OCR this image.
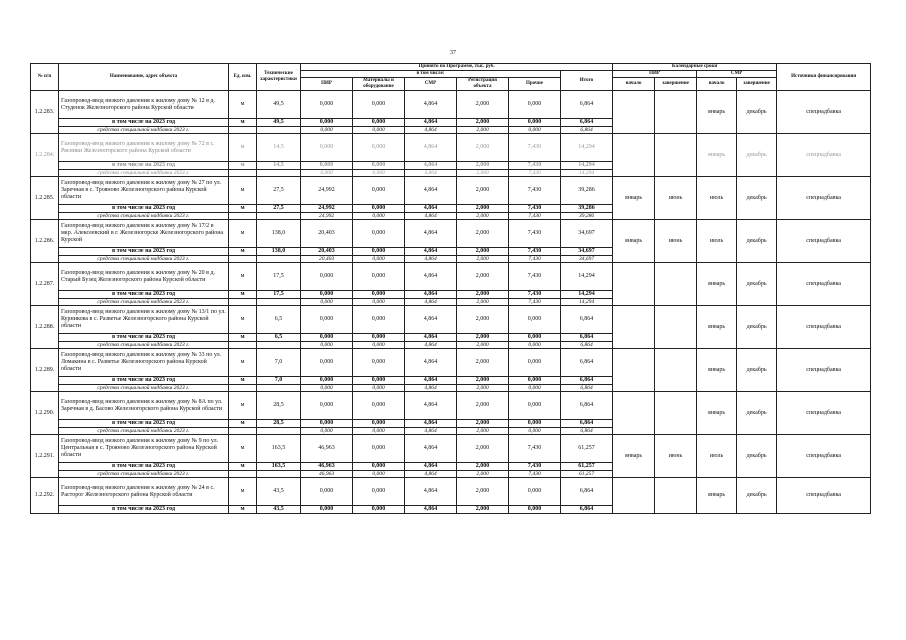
37
№ п/п	Наименование, адрес объекта	Ед. изм.	Технические характеристики	Принято по Программе, тыс. руб.						Календарные сроки				Источники финансирования
				в том числе:					Итого	ПИР		СМР		
				ПИР	Материалы и оборудование	СМР	Регистрация объекта	Прочие		начало	завершение	начало	завершение	

1.2.283.	Газопровод-ввод низкого давления к жилому дому № 12 в д. Студенок Железногорского района Курской области	м	49,5	0,000	0,000	4,864	2,000	0,000	6,864			январь	декабрь	спецнадбавка
	в том числе на 2023 год	м	49,5	0,000	0,000	4,864	2,000	0,000	6,864					
	средства специальной надбавки 2023 г.			0,000	0,000	4,864	2,000	0,000	6,864					
1.2.284.	Газопровод-ввод низкого давления к жилому дому № 72 в с. Рясники Железногорского района Курской области	м	14,5	0,000	0,000	4,864	2,000	7,430	14,294			январь	декабрь	спецнадбавка
	в том числе на 2023 год	м	14,5	0,000	0,000	4,864	2,000	7,430	14,294					
	средства специальной надбавки 2023 г.			0,000	0,000	4,864	2,000	7,430	14,294					
1.2.285.	Газопровод-ввод низкого давления к жилому дому № 27 по ул. Заречная в с. Трояново Железногорского района Курской области	м	27,5	24,992	0,000	4,864	2,000	7,430	39,286	январь	июнь	июль	декабрь	спецнадбавка
	в том числе на 2023 год	м	27,5	24,992	0,000	4,864	2,000	7,430	39,286					
	средства специальной надбавки 2023 г.			24,992	0,000	4,864	2,000	7,430	39,286					
1.2.286.	Газопровод-ввод низкого давления к жилому дому № 17/2 в мкр. Алексеевский в г. Железногорске Железногорского района Курской	м	138,0	20,403	0,000	4,864	2,000	7,430	34,697	январь	июнь	июль	декабрь	спецнадбавка
	в том числе на 2023 год	м	138,0	20,403	0,000	4,864	2,000	7,430	34,697					
	средства специальной надбавки 2023 г.			20,403	0,000	4,864	2,000	7,430	34,697					
1.2.287.	Газопровод-ввод низкого давления к жилому дому № 20 в д. Старый Бузец Железногорского района Курской области	м	17,5	0,000	0,000	4,864	2,000	7,430	14,294			январь	декабрь	спецнадбавка
	в том числе на 2023 год	м	17,5	0,000	0,000	4,864	2,000	7,430	14,294					
	средства специальной надбавки 2023 г.			0,000	0,000	4,864	2,000	7,430	14,294					
1.2.288.	Газопровод-ввод низкого давления к жилому дому № 13/1 по ул. Курникова в с. Разветье Железногорского района Курской области	м	6,5	0,000	0,000	4,864	2,000	0,000	6,864			январь	декабрь	спецнадбавка
	в том числе на 2023 год	м	6,5	0,000	0,000	4,864	2,000	0,000	6,864					
	средства специальной надбавки 2023 г.			0,000	0,000	4,864	2,000	0,000	6,864					
1.2.289.	Газопровод-ввод низкого давления к жилому дому № 33 по ул. Ломакина в с. Разветье Железногорского района Курской области	м	7,0	0,000	0,000	4,864	2,000	0,000	6,864			январь	декабрь	спецнадбавка
	в том числе на 2023 год	м	7,0	0,000	0,000	4,864	2,000	0,000	6,864					
	средства специальной надбавки 2023 г.			0,000	0,000	4,864	2,000	0,000	6,864					
1.2.290.	Газопровод-ввод низкого давления к жилому дому № 8А по ул. Заречная в д. Басово Железногорского района Курской области	м	28,5	0,000	0,000	4,864	2,000	0,000	6,864			январь	декабрь	спецнадбавка
	в том числе на 2023 год	м	28,5	0,000	0,000	4,864	2,000	0,000	6,864					
	средства специальной надбавки 2023 г.			0,000	0,000	4,864	2,000	0,000	6,864					
1.2.291.	Газопровод-ввод низкого давления к жилому дому № 9 по ул. Центральная в с. Трояново Железногорского района Курской области	м	163,5	46,963	0,000	4,864	2,000	7,430	61,257	январь	июнь	июль	декабрь	спецнадбавка
	в том числе на 2023 год	м	163,5	46,963	0,000	4,864	2,000	7,430	61,257					
	средства специальной надбавки 2023 г.			46,963	0,000	4,864	2,000	7,430	61,257					
1.2.292.	Газопровод-ввод низкого давления к жилому дому № 24 в с. Расторог Железногорского района Курской области	м	43,5	0,000	0,000	4,864	2,000	0,000	6,864			январь	декабрь	спецнадбавка
	в том числе на 2023 год	м	43,5	0,000	0,000	4,864	2,000	0,000	6,864					
